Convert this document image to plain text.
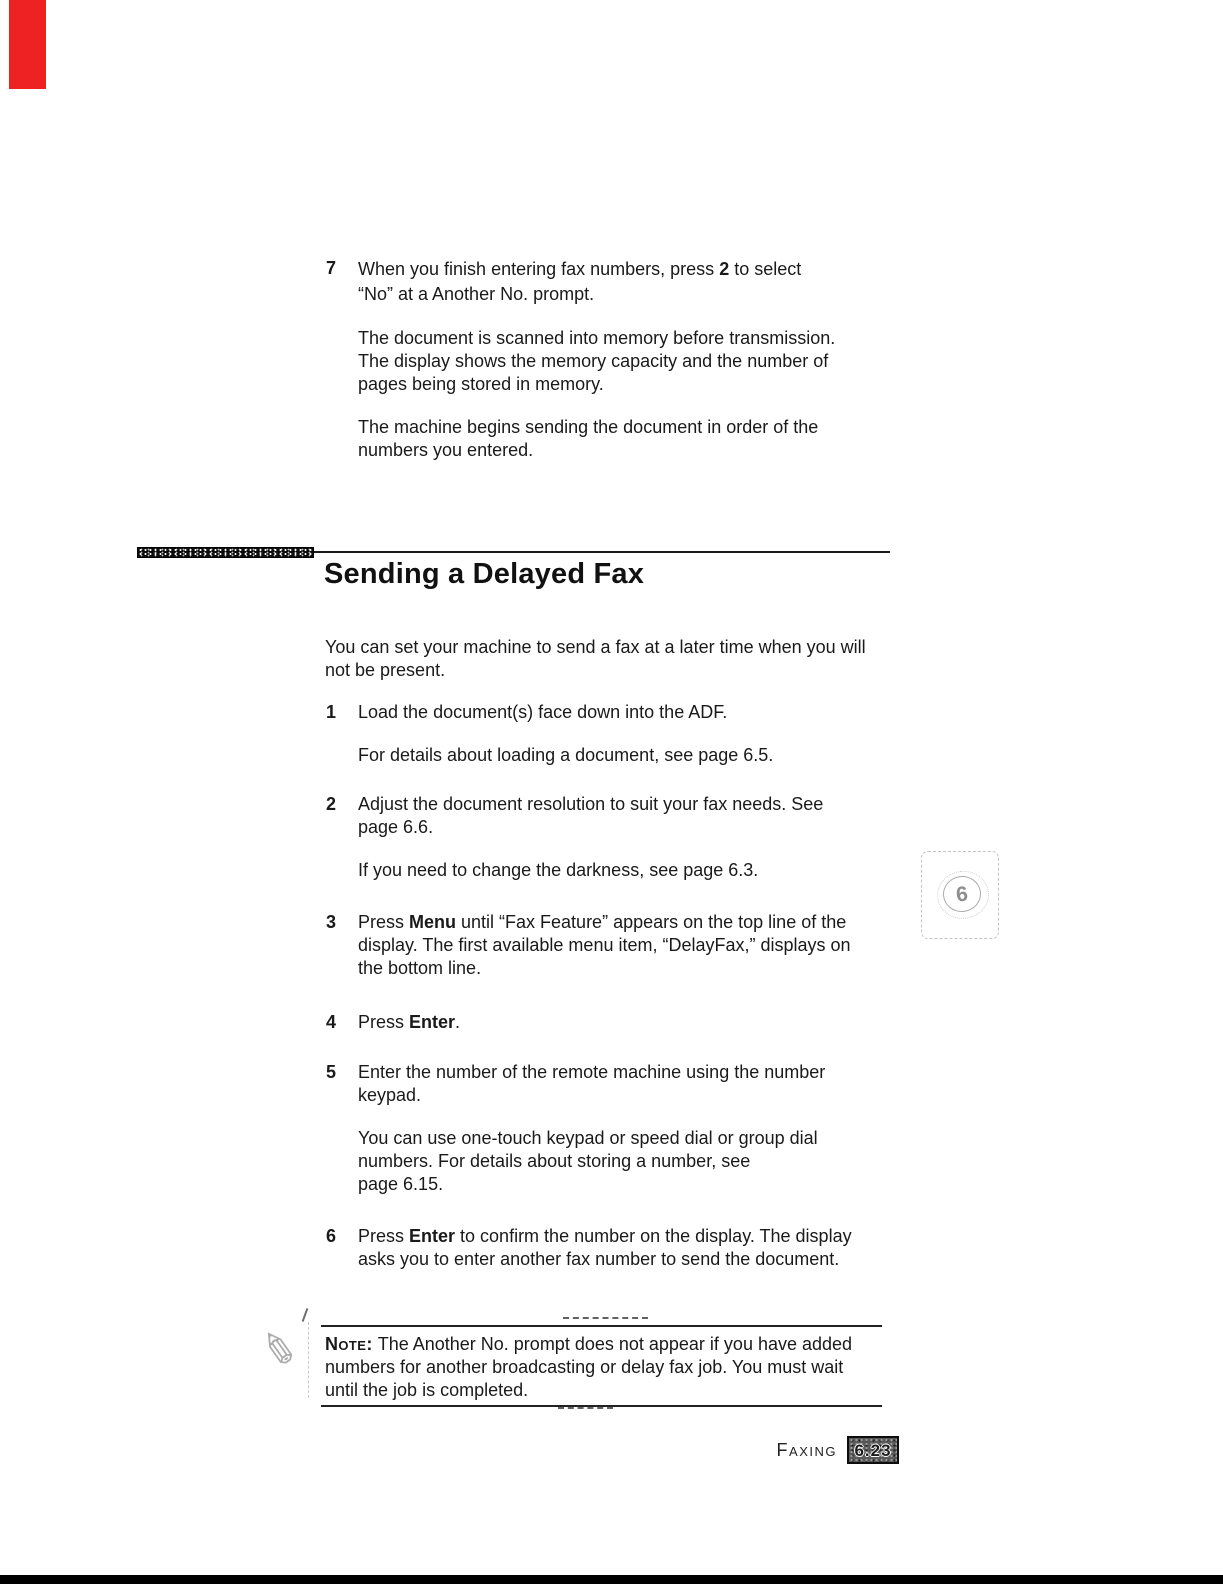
7	When you finish entering fax numbers, press 2 to select
“No” at a Another No. prompt.
The document is scanned into memory before transmission. The display shows the memory capacity and the number of pages being stored in memory.
The machine begins sending the document in order of the numbers you entered.
Sending a Delayed Fax

You can set your machine to send a fax at a later time when you will not be present.

1	Load the document(s) face down into the ADF.
For details about loading a document, see page 6.5.
2	Adjust the document resolution to suit your fax needs. See page 6.6.
If you need to change the darkness, see page 6.3.
3	Press Menu until “Fax Feature” appears on the top line of the display. The first available menu item, “DelayFax,” displays on the bottom line.
4	Press Enter.
5	Enter the number of the remote machine using the number keypad.
You can use one-touch keypad or speed dial or group dial numbers. For details about storing a number, see
page 6.15.
6	Press Enter to confirm the number on the display. The display asks you to enter another fax number to send the document.
6
✎ Note: The Another No. prompt does not appear if you have added numbers for another broadcasting or delay fax job. You must wait until the job is completed.
Faxing	6.23
